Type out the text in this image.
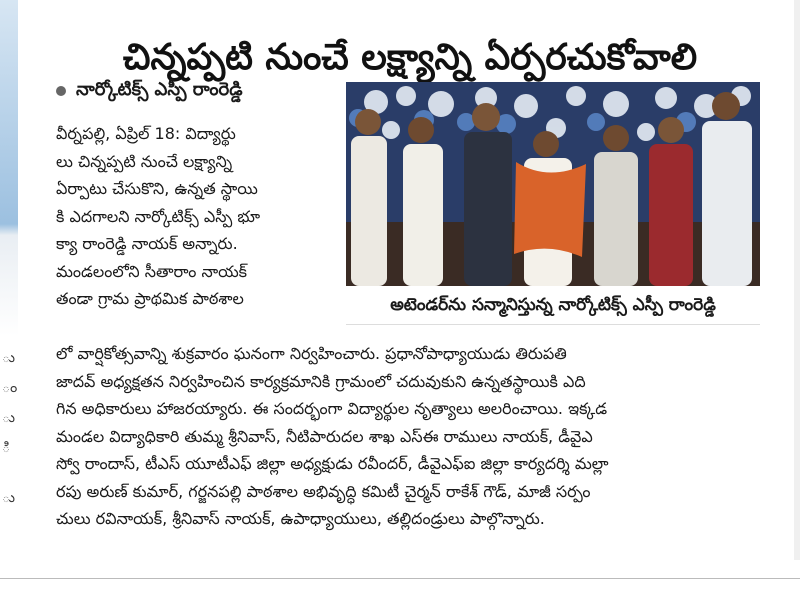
ు
ం
ు
ి
ు
చిన్నప్పటి నుంచే లక్ష్యాన్ని ఏర్పరచుకోవాలి
నార్కోటిక్స్ ఎస్పీ రాంరెడ్డి
వీర్నపల్లి, ఏప్రిల్ 18: విద్యార్థు
లు చిన్నప్పటి నుంచే లక్ష్యాన్ని
ఏర్పాటు చేసుకొని, ఉన్నత స్థాయి
కి ఎదగాలని నార్కోటిక్స్ ఎస్పీ భూ
క్యా రాంరెడ్డి నాయక్ అన్నారు.
మండలంలోని సీతారాం నాయక్
తండా గ్రామ ప్రాథమిక పాఠశాల	అటెండర్‌ను సన్మానిస్తున్న నార్కోటిక్స్ ఎస్పీ రాంరెడ్డి
లో వార్షికోత్సవాన్ని శుక్రవారం ఘనంగా నిర్వహించారు. ప్రధానోపాధ్యాయుడు తిరుపతి
జాదవ్ అధ్యక్షతన నిర్వహించిన కార్యక్రమానికి గ్రామంలో చదువుకుని ఉన్నతస్థాయికి ఎది
గిన అధికారులు హాజరయ్యారు. ఈ సందర్భంగా విద్యార్థుల నృత్యాలు అలరించాయి. ఇక్కడ
మండల విద్యాధికారి తుమ్మ శ్రీనివాస్, నీటిపారుదల శాఖ ఎస్ఈ రాములు నాయక్, డీవైఎ
స్వో రాందాస్, టీఎస్ యూటీఎఫ్ జిల్లా అధ్యక్షుడు రవీందర్, డీవైఎఫ్ఐ జిల్లా కార్యదర్శి మల్లా
రపు అరుణ్ కుమార్, గర్జనపల్లి పాఠశాల అభివృద్ధి కమిటీ చైర్మన్ రాకేశ్ గౌడ్, మాజీ సర్పం
చులు రవినాయక్, శ్రీనివాస్ నాయక్, ఉపాధ్యాయులు, తల్లిదండ్రులు పాల్గొన్నారు.
